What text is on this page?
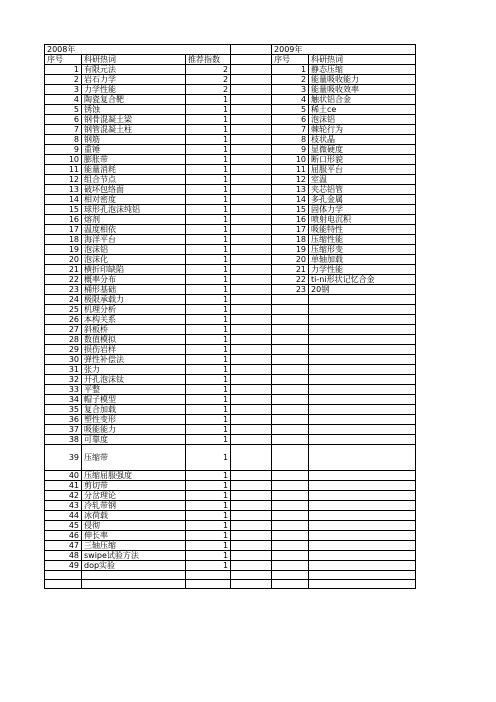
2008年				2009年	
序号	科研热词	推荐指数		序号	科研热词
1	有限元法	2		1	静态压缩
2	岩石力学	2		2	能量吸收能力
3	力学性能	2		3	能量吸收效率
4	陶瓷复合靶	1		4	触状铝合金
5	锈蚀	1		5	稀土ce
6	钢骨混凝土梁	1		6	泡沫铝
7	钢管混凝土柱	1		7	棘轮行为
8	钢筋	1		8	枝状晶
9	重锤	1		9	显微硬度
10	膨胀带	1		10	断口形貌
11	能量消耗	1		11	屈服平台
12	组合节点	1		12	室温
13	破坏包络面	1		13	夹芯铝管
14	相对密度	1		14	多孔金属
15	球形孔泡沫纯铝	1		15	固体力学
16	熔剂	1		16	喷射电沉积
17	温度相依	1		17	吸能特性
18	海洋平台	1		18	压缩性能
19	泡沫铝	1		19	压缩形变
20	泡沫化	1		20	单轴加载
21	横折印缺陷	1		21	力学性能
22	概率分布	1		22	ti-ni形状记忆合金
23	桶形基础	1		23	20钢
24	极限承载力	1			
25	机理分析	1			
26	本构关系	1			
27	斜板桥	1			
28	数值模拟	1			
29	损伤岩样	1			
30	弹性补偿法	1			
31	张力	1			
32	开孔泡沫钛	1			
33	平整	1			
34	帽子模型	1			
35	复合加载	1			
36	塑性变形	1			
37	吸能能力	1			
38	可靠度	1			
39	压缩带	1			
40	压缩屈服强度	1			
41	剪切带	1			
42	分岔理论	1			
43	冷轧带钢	1			
44	冰荷载	1			
45	侵彻	1			
46	伸长率	1			
47	三轴压缩	1			
48	swipe试验方法	1			
49	dop实验	1			
